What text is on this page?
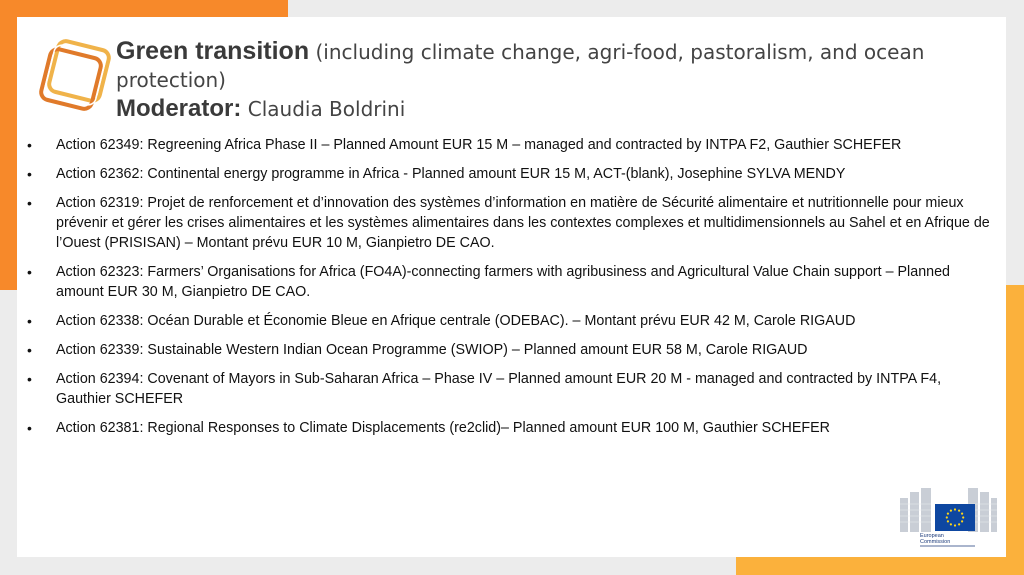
Green transition (including climate change, agri-food, pastoralism, and ocean protection)
Moderator: Claudia Boldrini
• Action 62349: Regreening Africa Phase II – Planned Amount EUR 15 M – managed and contracted by INTPA F2, Gauthier SCHEFER
• Action 62362: Continental energy programme in Africa - Planned amount EUR 15 M, ACT-(blank), Josephine SYLVA MENDY
• Action 62319: Projet de renforcement et d’innovation des systèmes d’information en matière de Sécurité alimentaire et nutritionnelle pour mieux prévenir et gérer les crises alimentaires et les systèmes alimentaires dans les contextes complexes et multidimensionnels au Sahel et en Afrique de l’Ouest (PRISISAN) – Montant prévu EUR 10 M, Gianpietro DE CAO.
• Action 62323: Farmers’ Organisations for Africa (FO4A)-connecting farmers with agribusiness and Agricultural Value Chain support – Planned amount EUR 30 M, Gianpietro DE CAO.
• Action 62338: Océan Durable et Économie Bleue en Afrique centrale (ODEBAC). – Montant prévu EUR 42 M, Carole RIGAUD
• Action 62339: Sustainable Western Indian Ocean Programme (SWIOP) – Planned amount EUR 58 M, Carole RIGAUD
• Action 62394: Covenant of Mayors in Sub-Saharan Africa – Phase IV – Planned amount EUR 20 M - managed and contracted by INTPA F4, Gauthier SCHEFER
• Action 62381: Regional Responses to Climate Displacements (re2clid)– Planned amount EUR 100 M, Gauthier SCHEFER
European
Commission
